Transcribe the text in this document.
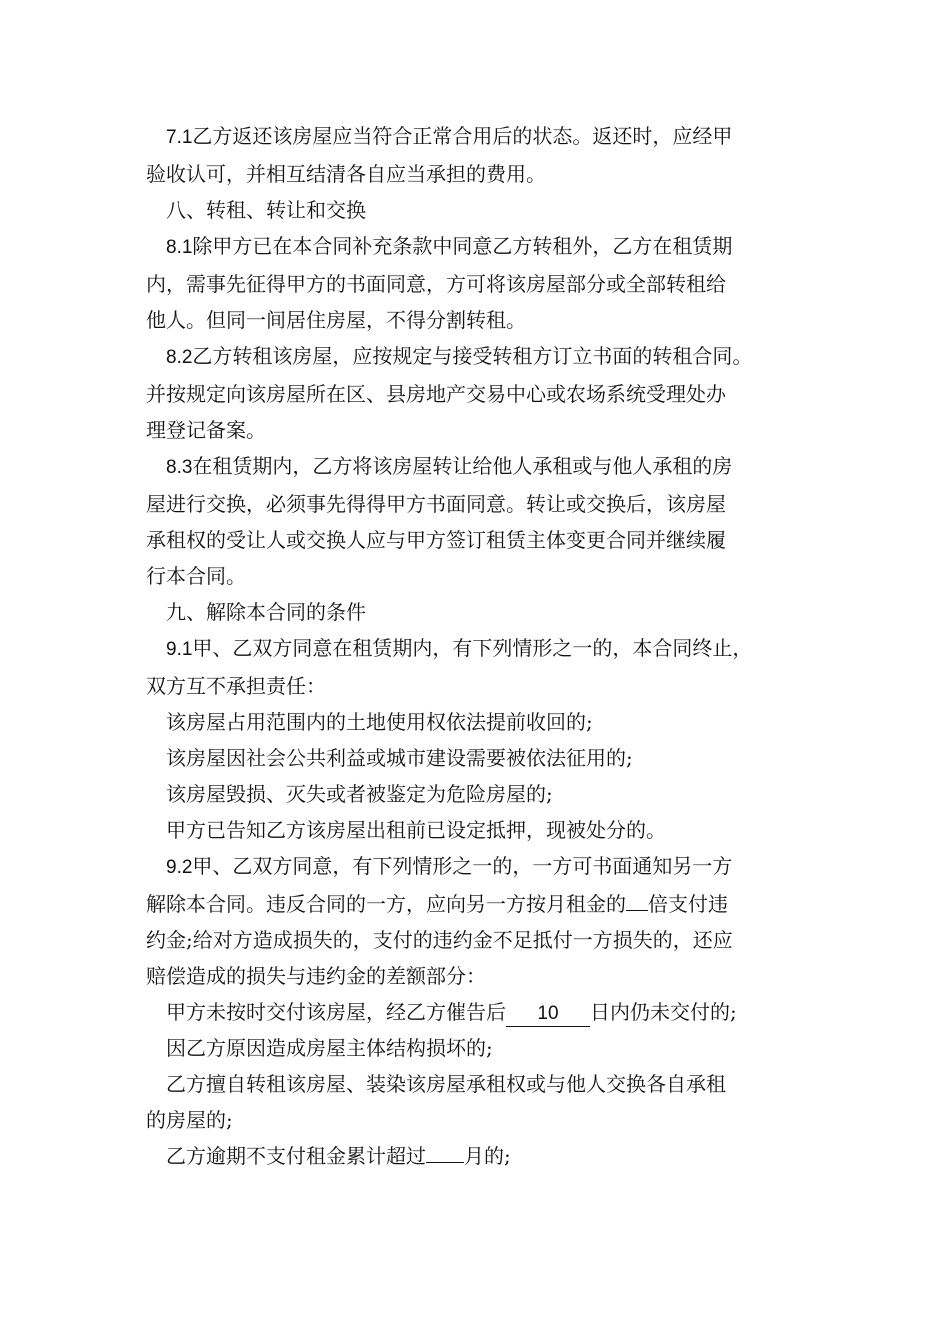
7.1乙方返还该房屋应当符合正常合用后的状态。返还时，应经甲

验收认可，并相互结清各自应当承担的费用。

八、转租、转让和交换

8.1除甲方已在本合同补充条款中同意乙方转租外，乙方在租赁期

内，需事先征得甲方的书面同意，方可将该房屋部分或全部转租给

他人。但同一间居住房屋，不得分割转租。

8.2乙方转租该房屋，应按规定与接受转租方订立书面的转租合同。

并按规定向该房屋所在区、县房地产交易中心或农场系统受理处办

理登记备案。

8.3在租赁期内，乙方将该房屋转让给他人承租或与他人承租的房

屋进行交换，必须事先得得甲方书面同意。转让或交换后，该房屋

承租权的受让人或交换人应与甲方签订租赁主体变更合同并继续履

行本合同。

九、解除本合同的条件

9.1甲、乙双方同意在租赁期内，有下列情形之一的，本合同终止，

双方互不承担责任：

该房屋占用范围内的土地使用权依法提前收回的;

该房屋因社会公共利益或城市建设需要被依法征用的;

该房屋毁损、灭失或者被鉴定为危险房屋的;

甲方已告知乙方该房屋出租前已设定抵押，现被处分的。

9.2甲、乙双方同意，有下列情形之一的，一方可书面通知另一方

解除本合同。违反合同的一方，应向另一方按月租金的 倍支付违

约金;给对方造成损失的，支付的违约金不足抵付一方损失的，还应

赔偿造成的损失与违约金的差额部分：

甲方未按时交付该房屋，经乙方催告后 10 日内仍未交付的;

因乙方原因造成房屋主体结构损坏的;

乙方擅自转租该房屋、装染该房屋承租权或与他人交换各自承租

的房屋的;

乙方逾期不支付租金累计超过 月的;
